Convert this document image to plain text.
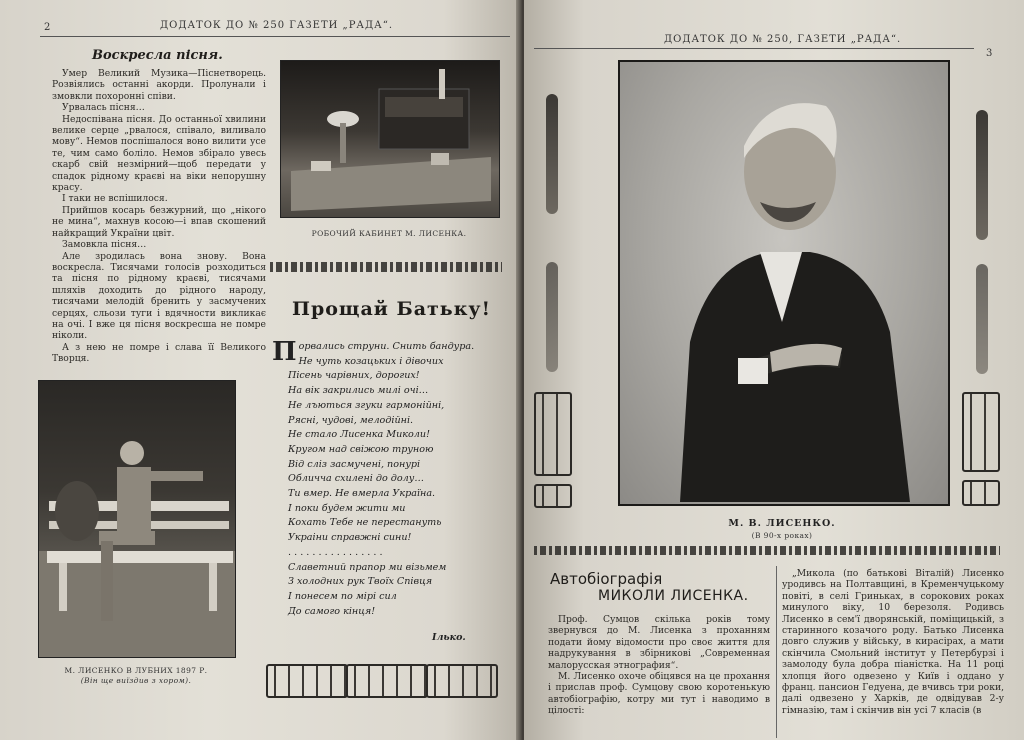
2	ДОДАТОК ДО № 250 ГАЗЕТИ „РАДА“.
Воскресла пісня.

Умер Великий Музика—Піснетворець. Розвіялись останні акорди. Пролунали і змовкли похоронні співи.

Урвалась пісня…

Недоспівана пісня. До останньої хвилини велике серце „рвалося, співало, виливало мову“. Немов поспішалося воно вилити усе те, чим само боліло. Немов збірало увесь скарб свій незмірний—щоб передати у спадок рідному краєві на віки непорушну красу.

І таки не вспішилося.

Прийшов косарь безжурний, що „нікого не мина“, махнув косою—і впав скошений найкращий України цвіт.

Замовкла пісня…

Але зродилась вона знову. Вона воскресла. Тисячами голосів розходиться та пісня по рідному краєві, тисячами шляхів доходить до рідного народу, тисячами мелодій бренить у засмучених серцях, сльози туги і вдячности викликає на очі. І вже ця пісня воскресша не помре ніколи.

А з нею не помре і слава її Великого Творця.

РОБОЧИЙ КАБИНЕТ М. ЛИСЕНКА.
М. ЛИСЕНКО В ЛУБНИХ 1897 Р.
(Він ще виїздив з хором).
Прощай Батьку!
Порвались струни. Снить бандура.
Не чуть козацьких і дівочих
Пісень чарівних, дорогих!
На вік закрились милі очі…
Не лъються згуки гармонійні,
Рясні, чудові, мелодійні.
Не стало Лисенка Миколи!
Кругом над свіжою труною
Від сліз засмучені, понурі
Обличча схилені до долу…
Ти вмер. Не вмерла Україна.
І поки будем жити ми
Кохать Тебе не перестануть
Украіни справжні сини!
. . . . . . . . . . . . . . . .
Славетний прапор ми візьмем
З холодних рук Твоїх Співця
І понесем по мірі сил
До самого кінця!
Ілько.
ДОДАТОК ДО № 250, ГАЗЕТИ „РАДА“.
3
М. В. ЛИСЕНКО.
(В 90-х роках)
Автобіографія
МИКОЛИ ЛИСЕНКА.

Проф. Сумцов скілька років тому звернувся до М. Лисенка з проханням подати йому відомости про своє життя для надрукування в збірникові „Современная малорусская этнография“.

М. Лисенко охоче обіцявся на це прохання і прислав проф. Сумцову свою коротенькую автобіографію, котру ми тут і наводимо в цілості:

„Микола (по батькові Віталій) Лисенко уродивсь на Полтавщині, в Кременчуцькому повіті, в селі Гриньках, в сорокових роках минулого віку, 10 березоля. Родивсь Лисенко в сем'ї дворянській, поміщицькій, з старинного козачого роду. Батько Лисенка довго служив у війську, в кирасірах, а мати скінчила Смольний інститут у Петербурзі і замолоду була добра піаністка. На 11 році хлопця його одвезено у Київ і оддано у франц. пансион Гедуена, де вчивсь три роки, далі одвезено у Харків, де одвідував 2-у гімназію, там і скінчив він усі 7 класів (в
